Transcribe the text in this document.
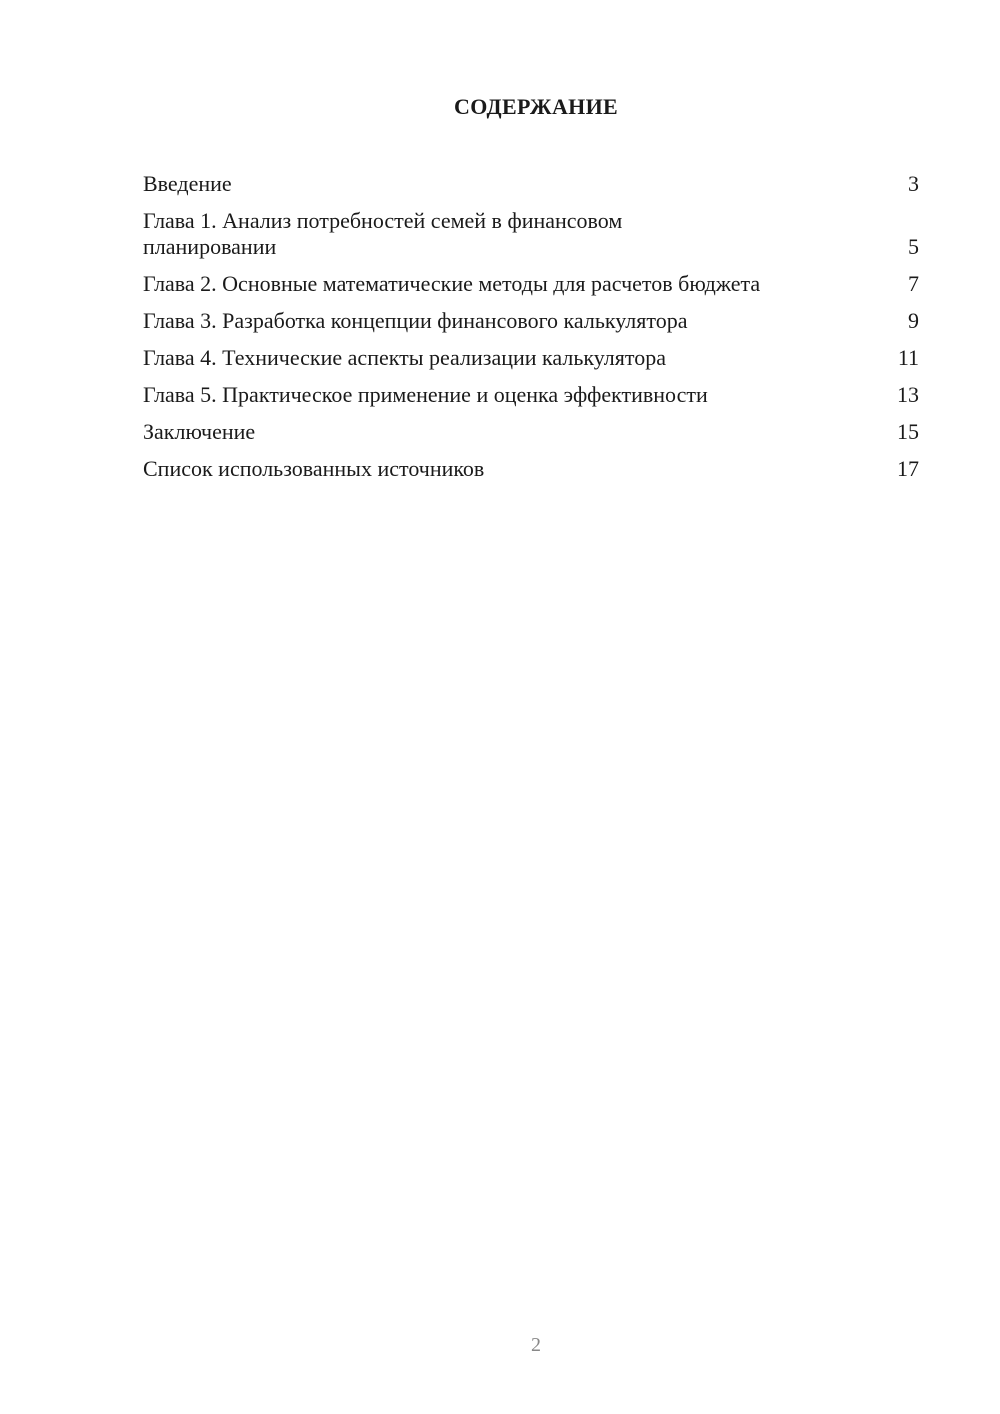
СОДЕРЖАНИЕ
Введение	3
Глава 1. Анализ потребностей семей в финансовом планировании	5
Глава 2. Основные математические методы для расчетов бюджета	7
Глава 3. Разработка концепции финансового калькулятора	9
Глава 4. Технические аспекты реализации калькулятора	11
Глава 5. Практическое применение и оценка эффективности	13
Заключение	15
Список использованных источников	17
2
